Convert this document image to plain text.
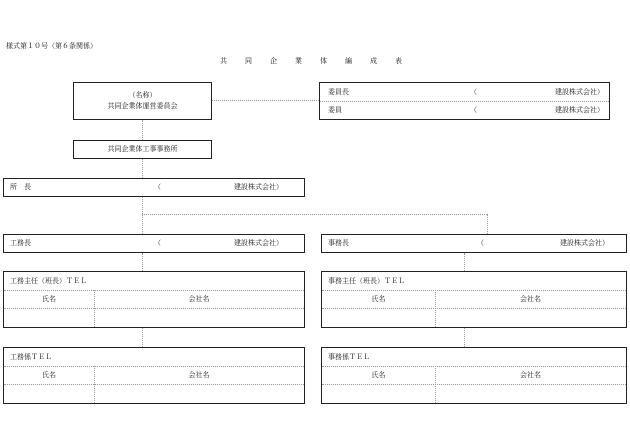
様式第１０号（第６条関係）
共同企業体編成表
（名称）
共同企業体運営委員会
委員長	（	建設株式会社）
委員	（	建設株式会社）
共同企業体工事事務所
所　長	（	建設株式会社）
工務長	（	建設株式会社）	事務長	（	建設株式会社）
工務主任（班長）ＴＥＬ
氏名	会社名
事務主任（班長）ＴＥＬ
氏名	会社名
工務係ＴＥＬ
氏名	会社名
事務係ＴＥＬ
氏名	会社名
